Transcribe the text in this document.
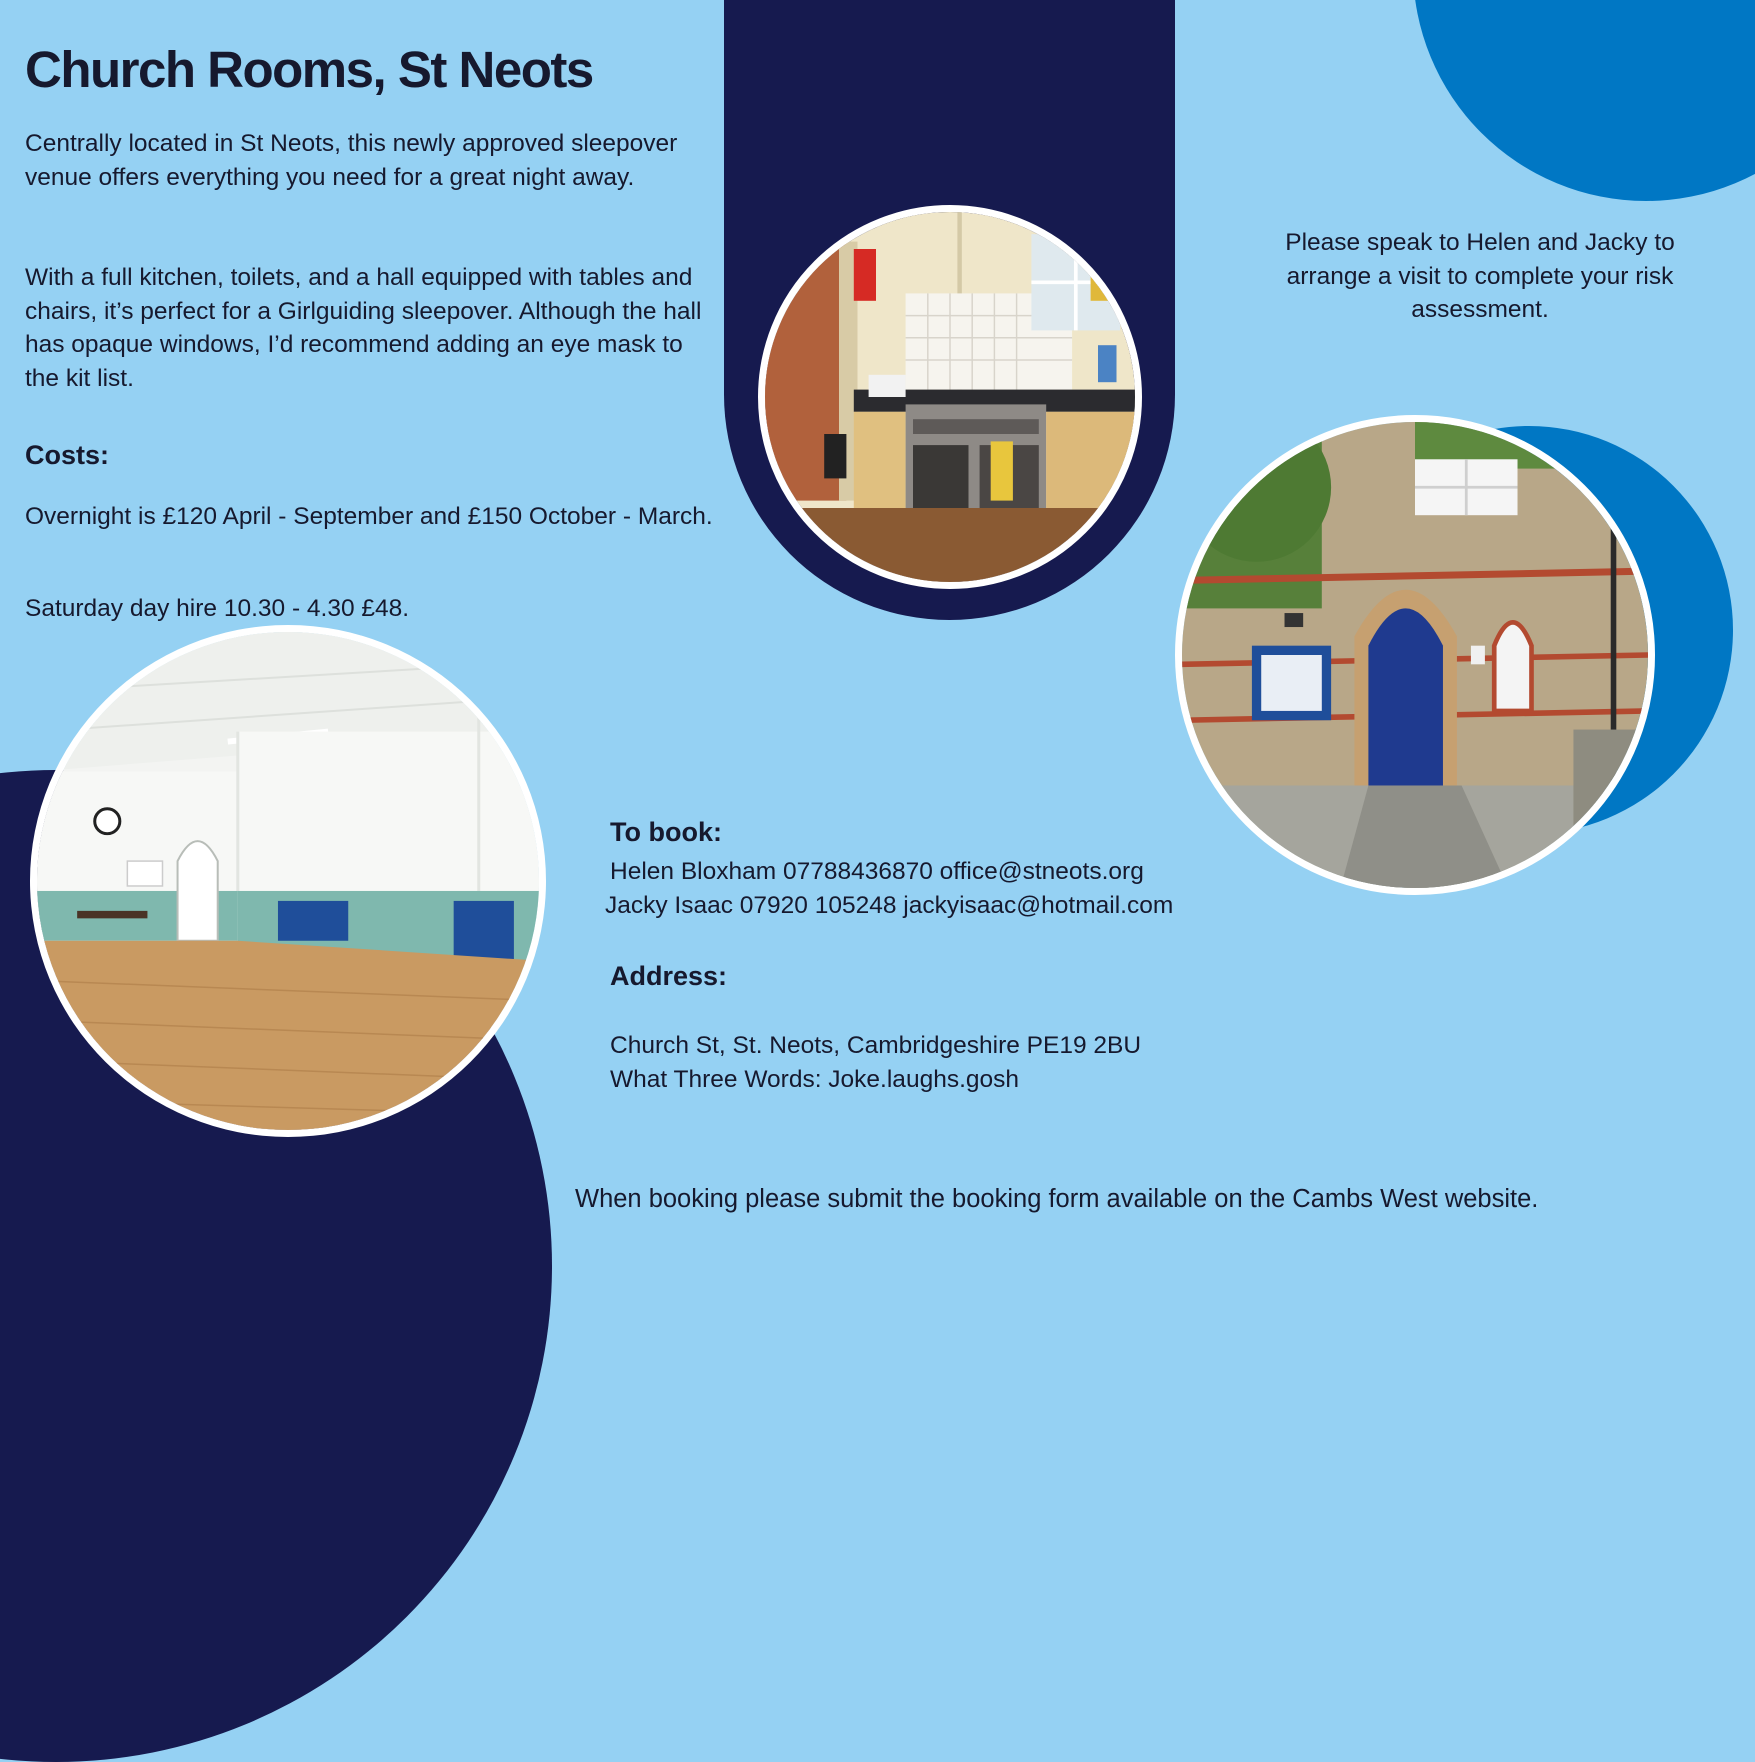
Church Rooms, St Neots

Centrally located in St Neots, this newly approved sleepover venue offers everything you need for a great night away.

With a full kitchen, toilets, and a hall equipped with tables and chairs, it’s perfect for a Girlguiding sleepover. Although the hall has opaque windows, I’d recommend adding an eye mask to the kit list.

Costs:

Overnight is £120 April - September and £150 October - March.

Saturday day hire 10.30 - 4.30 £48.

Please speak to Helen and Jacky to arrange a visit to complete your risk assessment.

To book:
Helen Bloxham 07788436870 office@stneots.org
Jacky Isaac 07920 105248 jackyisaac@hotmail.com
Address:
Church St, St. Neots, Cambridgeshire PE19 2BU
What Three Words: Joke.laughs.gosh
When booking please submit the booking form available on the Cambs West website.
